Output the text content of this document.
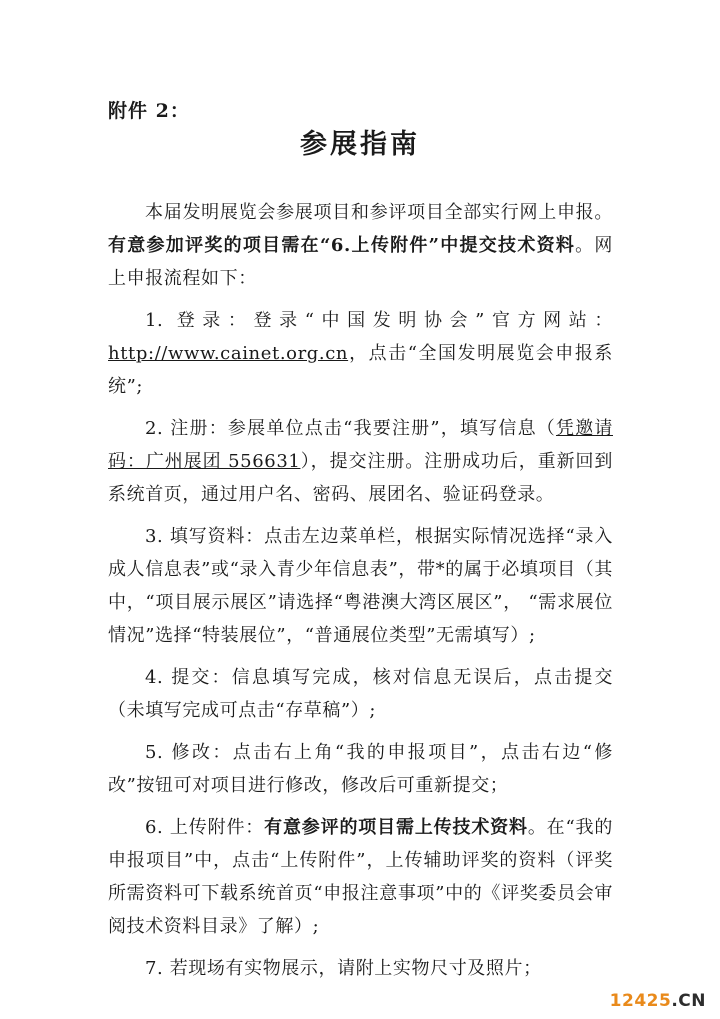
附件 2：
参展指南

本届发明展览会参展项目和参评项目全部实行网上申报。有意参加评奖的项目需在“6.上传附件”中提交技术资料。网上申报流程如下：

1. 登录：登录“中国发明协会”官方网站：http://www.cainet.org.cn，点击“全国发明展览会申报系统”;

2. 注册：参展单位点击“我要注册”，填写信息（凭邀请码：广州展团 556631），提交注册。注册成功后，重新回到系统首页，通过用户名、密码、展团名、验证码登录。

3. 填写资料：点击左边菜单栏，根据实际情况选择“录入成人信息表”或“录入青少年信息表”，带*的属于必填项目（其中，“项目展示展区”请选择“粤港澳大湾区展区”， “需求展位情况”选择“特装展位”，“普通展位类型”无需填写）;

4. 提交：信息填写完成，核对信息无误后，点击提交（未填写完成可点击“存草稿”）;

5. 修改：点击右上角“我的申报项目”，点击右边“修改”按钮可对项目进行修改，修改后可重新提交；

6. 上传附件：有意参评的项目需上传技术资料。在“我的申报项目”中，点击“上传附件”，上传辅助评奖的资料（评奖所需资料可下载系统首页“申报注意事项”中的《评奖委员会审阅技术资料目录》了解）;

7. 若现场有实物展示，请附上实物尺寸及照片；

12425.CN
